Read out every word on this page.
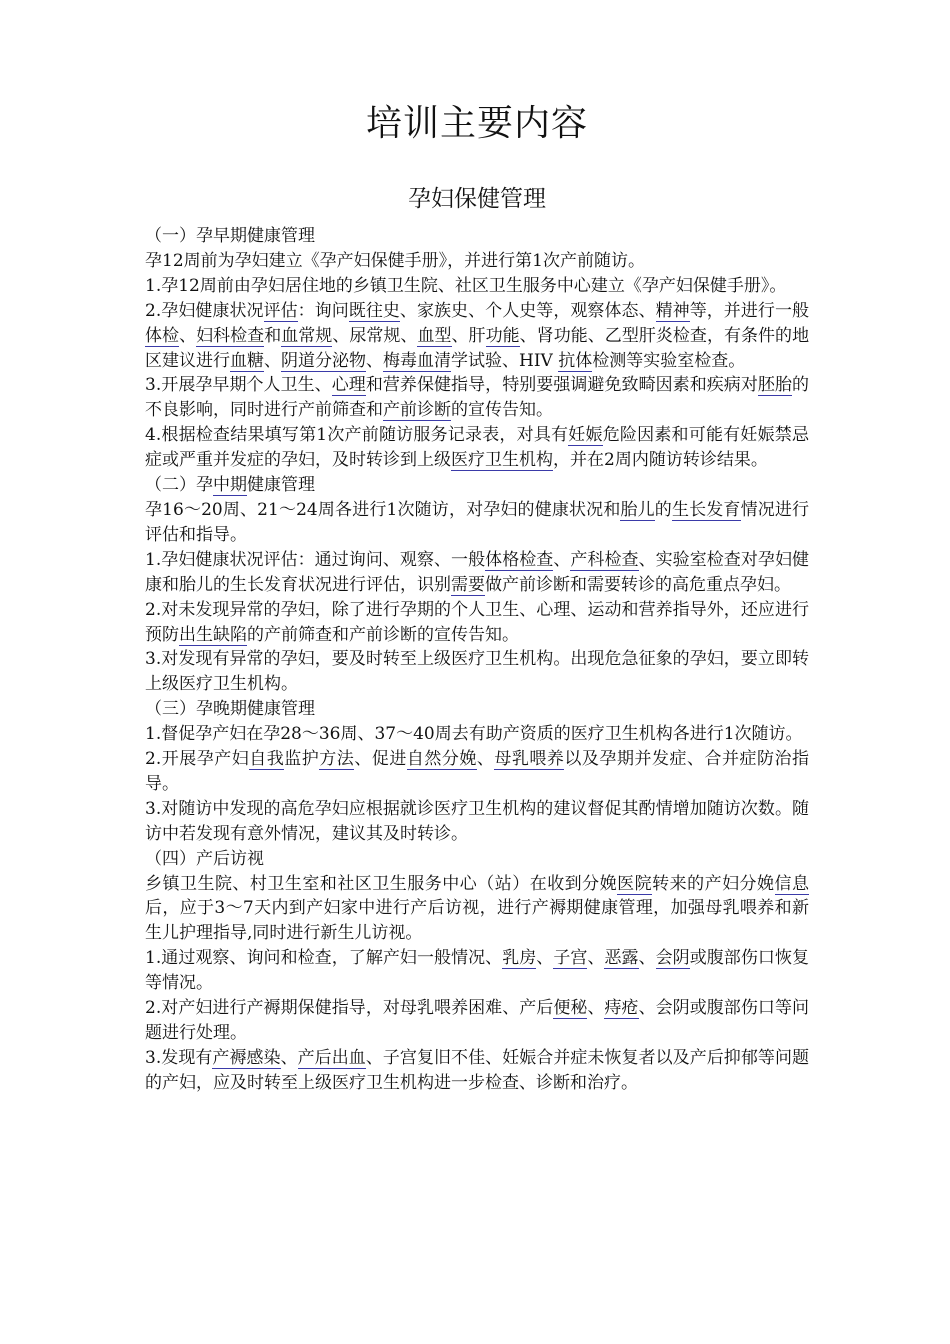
培训主要内容
孕妇保健管理

（一）孕早期健康管理

孕12周前为孕妇建立《孕产妇保健手册》，并进行第1次产前随访。

1.孕12周前由孕妇居住地的乡镇卫生院、社区卫生服务中心建立《孕产妇保健手册》。

2.孕妇健康状况评估：询问既往史、家族史、个人史等，观察体态、精神等，并进行一般体检、妇科检查和血常规、尿常规、血型、肝功能、肾功能、乙型肝炎检查，有条件的地区建议进行血糖、阴道分泌物、梅毒血清学试验、HIV 抗体检测等实验室检查。

3.开展孕早期个人卫生、心理和营养保健指导，特别要强调避免致畸因素和疾病对胚胎的不良影响，同时进行产前筛查和产前诊断的宣传告知。

4.根据检查结果填写第1次产前随访服务记录表，对具有妊娠危险因素和可能有妊娠禁忌症或严重并发症的孕妇，及时转诊到上级医疗卫生机构，并在2周内随访转诊结果。

（二）孕中期健康管理

孕16～20周、21～24周各进行1次随访，对孕妇的健康状况和胎儿的生长发育情况进行评估和指导。

1.孕妇健康状况评估：通过询问、观察、一般体格检查、产科检查、实验室检查对孕妇健康和胎儿的生长发育状况进行评估，识别需要做产前诊断和需要转诊的高危重点孕妇。

2.对未发现异常的孕妇，除了进行孕期的个人卫生、心理、运动和营养指导外，还应进行预防出生缺陷的产前筛查和产前诊断的宣传告知。

3.对发现有异常的孕妇，要及时转至上级医疗卫生机构。出现危急征象的孕妇，要立即转上级医疗卫生机构。

（三）孕晚期健康管理

1.督促孕产妇在孕28～36周、37～40周去有助产资质的医疗卫生机构各进行1次随访。

2.开展孕产妇自我监护方法、促进自然分娩、母乳喂养以及孕期并发症、合并症防治指导。

3.对随访中发现的高危孕妇应根据就诊医疗卫生机构的建议督促其酌情增加随访次数。随访中若发现有意外情况，建议其及时转诊。

（四）产后访视

乡镇卫生院、村卫生室和社区卫生服务中心（站）在收到分娩医院转来的产妇分娩信息后，应于3～7天内到产妇家中进行产后访视，进行产褥期健康管理，加强母乳喂养和新生儿护理指导,同时进行新生儿访视。

1.通过观察、询问和检查，了解产妇一般情况、乳房、子宫、恶露、会阴或腹部伤口恢复等情况。

2.对产妇进行产褥期保健指导，对母乳喂养困难、产后便秘、痔疮、会阴或腹部伤口等问题进行处理。

3.发现有产褥感染、产后出血、子宫复旧不佳、妊娠合并症未恢复者以及产后抑郁等问题的产妇，应及时转至上级医疗卫生机构进一步检查、诊断和治疗。
